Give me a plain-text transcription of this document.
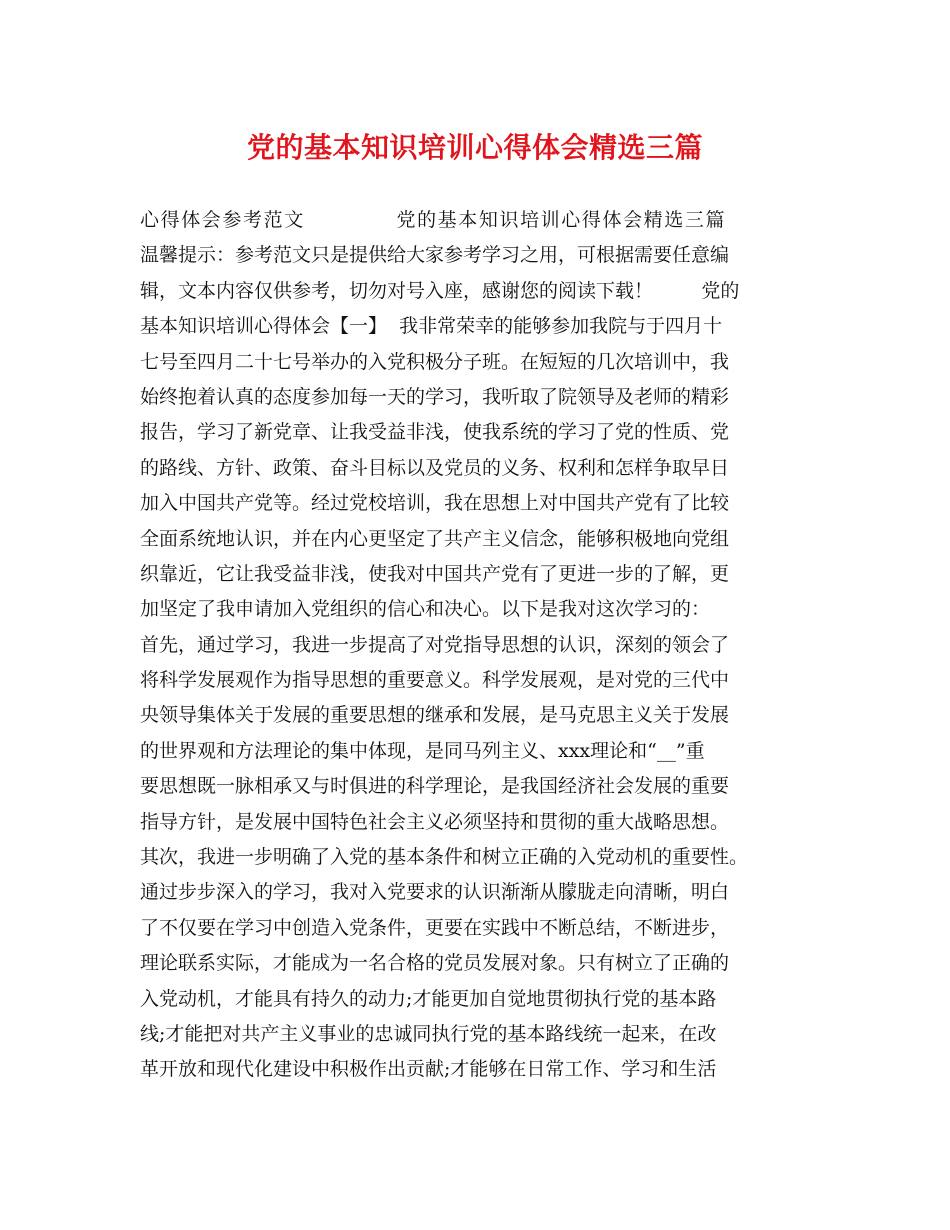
党的基本知识培训心得体会精选三篇
心得体会参考范文            党的基本知识培训心得体会精选三篇
温馨提示：参考范文只是提供给大家参考学习之用，可根据需要任意编
辑，文本内容仅供参考，切勿对号入座，感谢您的阅读下载！        党的
基本知识培训心得体会【一】  我非常荣幸的能够参加我院与于四月十
七号至四月二十七号举办的入党积极分子班。在短短的几次培训中，我
始终抱着认真的态度参加每一天的学习，我听取了院领导及老师的精彩
报告，学习了新党章、让我受益非浅，使我系统的学习了党的性质、党
的路线、方针、政策、奋斗目标以及党员的义务、权利和怎样争取早日
加入中国共产党等。经过党校培训，我在思想上对中国共产党有了比较
全面系统地认识，并在内心更坚定了共产主义信念，能够积极地向党组
织靠近，它让我受益非浅，使我对中国共产党有了更进一步的了解，更
加坚定了我申请加入党组织的信心和决心。以下是我对这次学习的：
首先，通过学习，我进一步提高了对党指导思想的认识，深刻的领会了
将科学发展观作为指导思想的重要意义。科学发展观，是对党的三代中
央领导集体关于发展的重要思想的继承和发展，是马克思主义关于发展
的世界观和方法理论的集中体现，是同马列主义、xxx理论和“__”重
要思想既一脉相承又与时俱进的科学理论，是我国经济社会发展的重要
指导方针，是发展中国特色社会主义必须坚持和贯彻的重大战略思想。
其次，我进一步明确了入党的基本条件和树立正确的入党动机的重要性。
通过步步深入的学习，我对入党要求的认识渐渐从朦胧走向清晰，明白
了不仅要在学习中创造入党条件，更要在实践中不断总结，不断进步，
理论联系实际，才能成为一名合格的党员发展对象。只有树立了正确的
入党动机，才能具有持久的动力;才能更加自觉地贯彻执行党的基本路
线;才能把对共产主义事业的忠诚同执行党的基本路线统一起来，在改
革开放和现代化建设中积极作出贡献;才能够在日常工作、学习和生活
